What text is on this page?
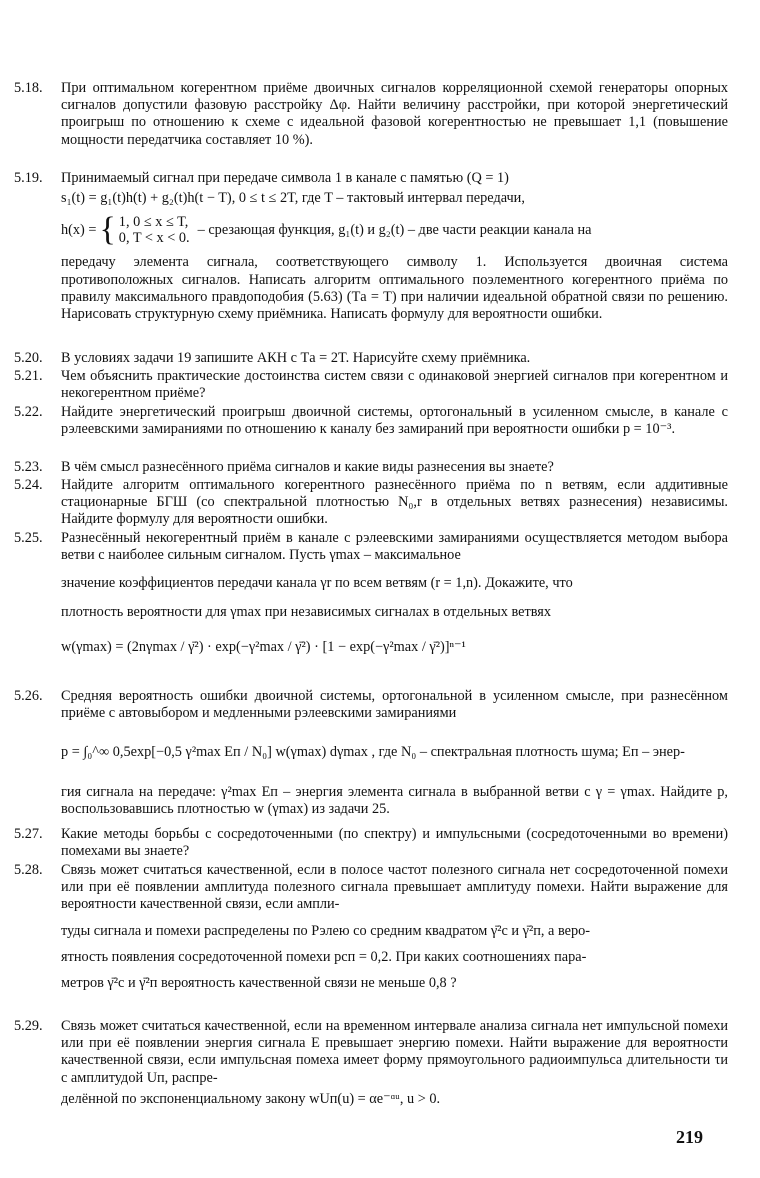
5.18.	При оптимальном когерентном приёме двоичных сигналов корреляционной схемой генераторы опорных сигналов допустили фазовую расстройку Δφ. Найти величину расстройки, при которой энергетический проигрыш по отношению к схеме с идеальной фазовой когерентностью не превышает 1,1 (повышение мощности передатчика составляет 10 %).
5.19.	Принимаемый сигнал при передаче символа 1 в канале с памятью (Q = 1)
s₁(t) = g₁(t)h(t) + g₂(t)h(t − T), 0 ≤ t ≤ 2T, где T – тактовый интервал передачи,
h(x) = { 1, 0 ≤ x ≤ T,
0, T < x < 0.
– срезающая функция, g₁(t) и g₂(t) – две части реакции канала на
передачу элемента сигнала, соответствующего символу 1. Используется двоичная система противоположных сигналов. Написать алгоритм оптимального поэлементного когерентного приёма по правилу максимального правдоподобия (5.63) (Tа = T) при наличии идеальной обратной связи по решению. Нарисовать структурную схему приёмника. Написать формулу для вероятности ошибки.
5.20.	В условиях задачи 19 запишите АКН с Tа = 2T. Нарисуйте схему приёмника.
5.21.	Чем объяснить практические достоинства систем связи с одинаковой энергией сигналов при когерентном и некогерентном приёме?
5.22.	Найдите энергетический проигрыш двоичной системы, ортогональный в усиленном смысле, в канале с рэлеевскими замираниями по отношению к каналу без замираний при вероятности ошибки p = 10⁻³.
5.23.	В чём смысл разнесённого приёма сигналов и какие виды разнесения вы знаете?
5.24.	Найдите алгоритм оптимального когерентного разнесённого приёма по n ветвям, если аддитивные стационарные БГШ (со спектральной плотностью N₀,r в отдельных ветвях разнесения) независимы. Найдите формулу для вероятности ошибки.
5.25.	Разнесённый некогерентный приём в канале с рэлеевскими замираниями осуществляется методом выбора ветви с наиболее сильным сигналом. Пусть γmax – максимальное
значение коэффициентов передачи канала γr по всем ветвям (r = 1,n). Докажите, что
плотность вероятности для γmax при независимых сигналах в отдельных ветвях
w(γmax) = (2nγmax / γ̄²) · exp(−γ²max / γ̄²) · [1 − exp(−γ²max / γ̄²)]ⁿ⁻¹
5.26.	Средняя вероятность ошибки двоичной системы, ортогональной в усиленном смысле, при разнесённом приёме с автовыбором и медленными рэлеевскими замираниями
p = ∫₀^∞ 0,5exp[−0,5 γ²max Eп / N₀] w(γmax) dγmax , где N₀ – спектральная плотность шума; Eп – энер-
гия сигнала на передаче: γ²max Eп – энергия элемента сигнала в выбранной ветви с γ = γmax. Найдите p, воспользовавшись плотностью w (γmax) из задачи 25.
5.27.	Какие методы борьбы с сосредоточенными (по спектру) и импульсными (сосредоточенными во времени) помехами вы знаете?
5.28.	Связь может считаться качественной, если в полосе частот полезного сигнала нет сосредоточенной помехи или при её появлении амплитуда полезного сигнала превышает амплитуду помехи. Найти выражение для вероятности качественной связи, если ампли-
туды сигнала и помехи распределены по Рэлею со средним квадратом γ̄²c и γ̄²п, а веро-
ятность появления сосредоточенной помехи pсп = 0,2. При каких соотношениях пара-
метров γ̄²c и γ̄²п вероятность качественной связи не меньше 0,8 ?
5.29.	Связь может считаться качественной, если на временном интервале анализа сигнала нет импульсной помехи или при её появлении энергия сигнала E превышает энергию помехи. Найти выражение для вероятности качественной связи, если импульсная помеха имеет форму прямоугольного радиоимпульса длительности τи с амплитудой Uп, распре-
делённой по экспоненциальному закону wUп(u) = αe⁻ᵅᵘ, u > 0.
219
